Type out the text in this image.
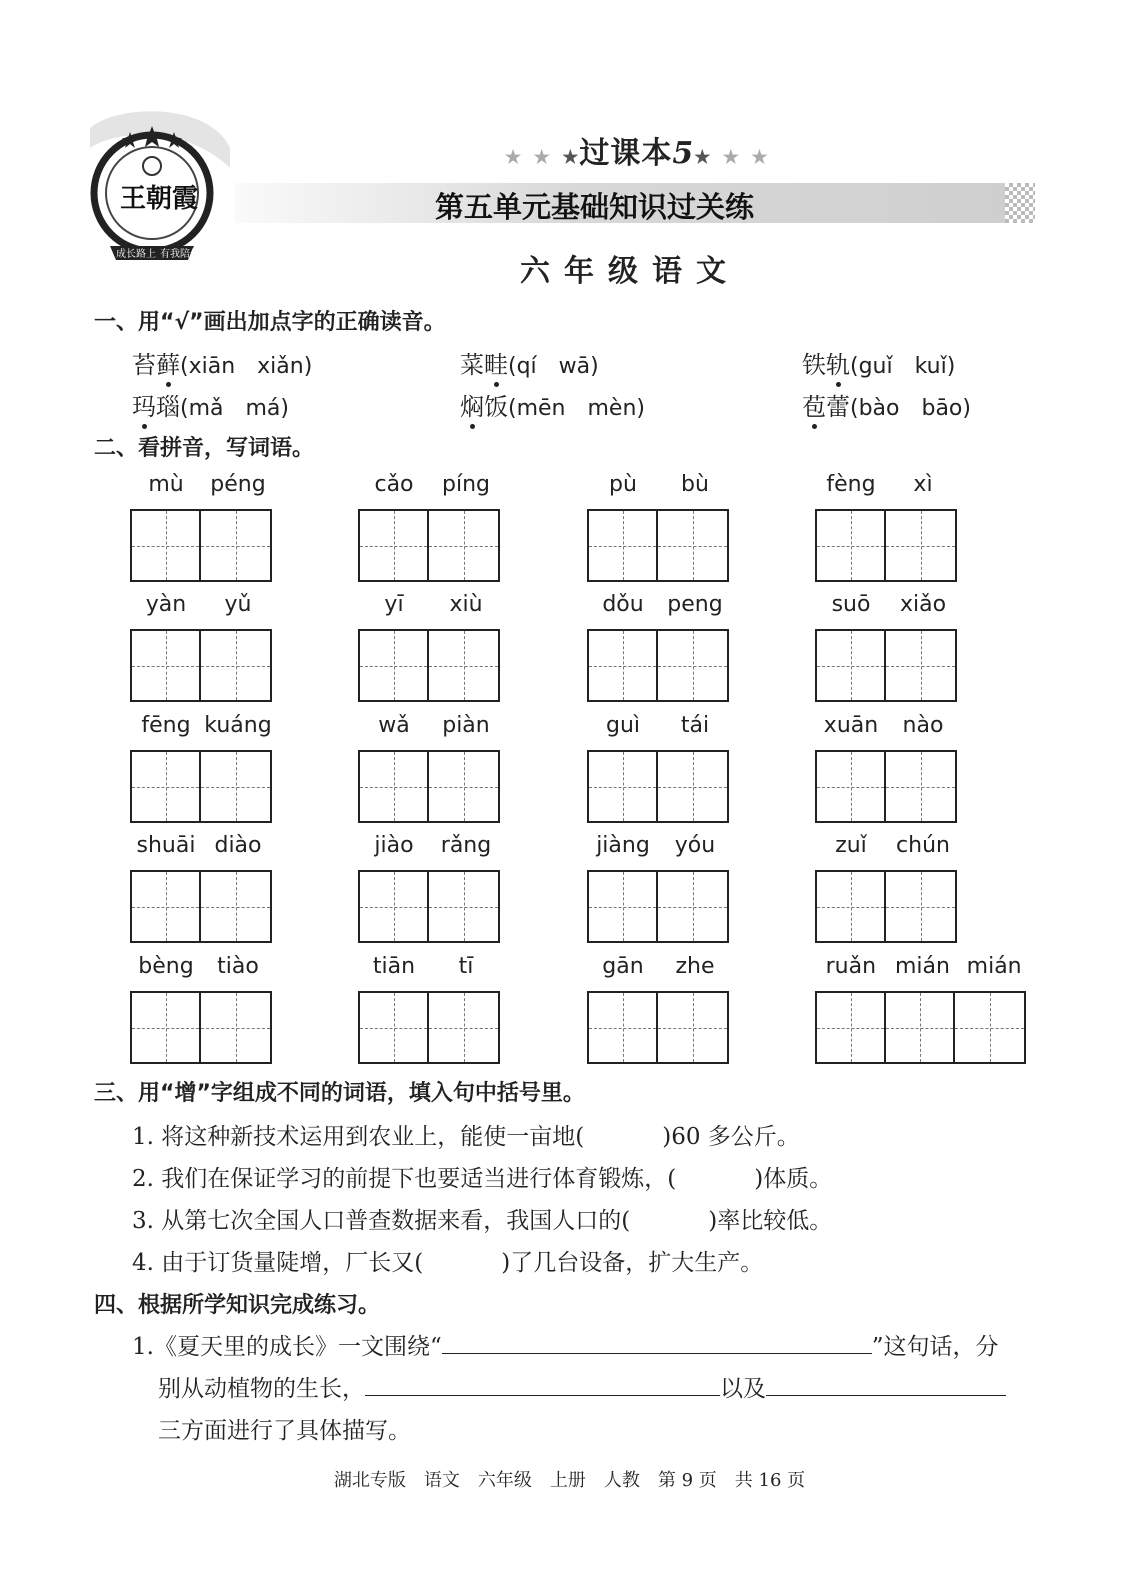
王朝霞
成长路上 有我陪伴
★ ★ ★过课本5★ ★ ★
第五单元基础知识过关练
六年级语文
一、用“√”画出加点字的正确读音。
苔藓(xiān　xiǎn)	菜畦(qí　wā)	铁轨(guǐ　kuǐ)
玛瑙(mǎ　má)	焖饭(mēn　mèn)	苞蕾(bào　bāo)
二、看拼音，写词语。
mù	péng	cǎo	píng	pù	bù	fèng	xì
yàn	yǔ	yī	xiù	dǒu	peng	suō	xiǎo
fēng kuáng	wǎ	piàn	guì	tái	xuān	nào
shuāi diào	jiào	rǎng	jiàng	yóu	zuǐ	chún
bèng	tiào	tiān	tī	gān	zhe	ruǎn mián mián
三、用“增”字组成不同的词语，填入句中括号里。
1. 将这种新技术运用到农业上，能使一亩地(	)60 多公斤。
2. 我们在保证学习的前提下也要适当进行体育锻炼，(	)体质。
3. 从第七次全国人口普查数据来看，我国人口的(	)率比较低。
4. 由于订货量陡增，厂长又(	)了几台设备，扩大生产。
四、根据所学知识完成练习。
1.《夏天里的成长》一文围绕“	”这句话，分
别从动植物的生长，	以及
三方面进行了具体描写。
湖北专版 语文 六年级 上册 人教 第 9 页 共 16 页
